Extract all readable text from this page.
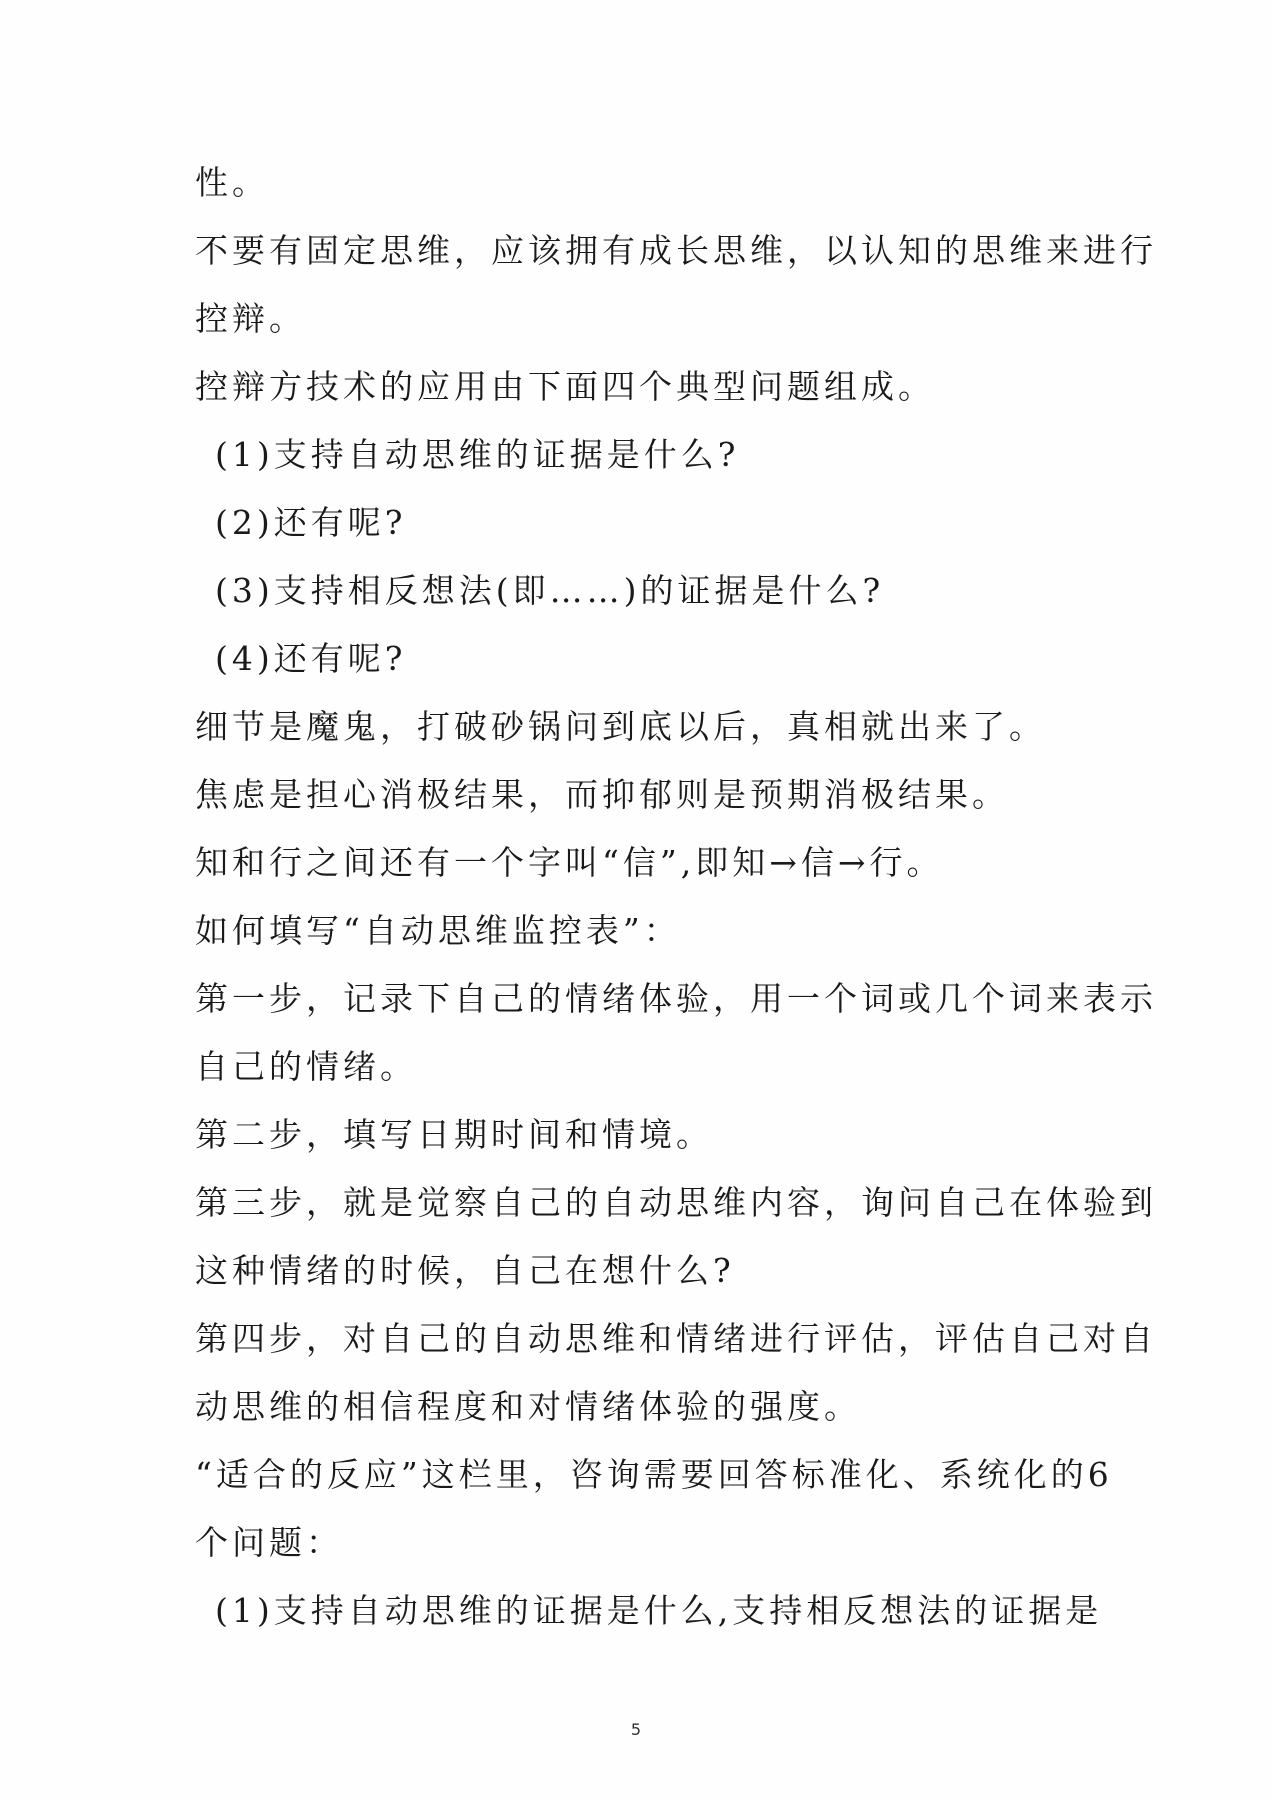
性。
不要有固定思维，应该拥有成长思维，以认知的思维来进行
控辩。
控辩方技术的应用由下面四个典型问题组成。
(1)支持自动思维的证据是什么?
(2)还有呢?
(3)支持相反想法(即……)的证据是什么?
(4)还有呢?
细节是魔鬼，打破砂锅问到底以后，真相就出来了。
焦虑是担心消极结果，而抑郁则是预期消极结果。
知和行之间还有一个字叫“信”,即知→信→行。
如何填写“自动思维监控表”：
第一步，记录下自己的情绪体验，用一个词或几个词来表示
自己的情绪。
第二步，填写日期时间和情境。
第三步，就是觉察自己的自动思维内容，询问自己在体验到
这种情绪的时候，自己在想什么?
第四步，对自己的自动思维和情绪进行评估，评估自己对自
动思维的相信程度和对情绪体验的强度。
“适合的反应”这栏里，咨询需要回答标准化、系统化的6
个问题：
(1)支持自动思维的证据是什么,支持相反想法的证据是
5
